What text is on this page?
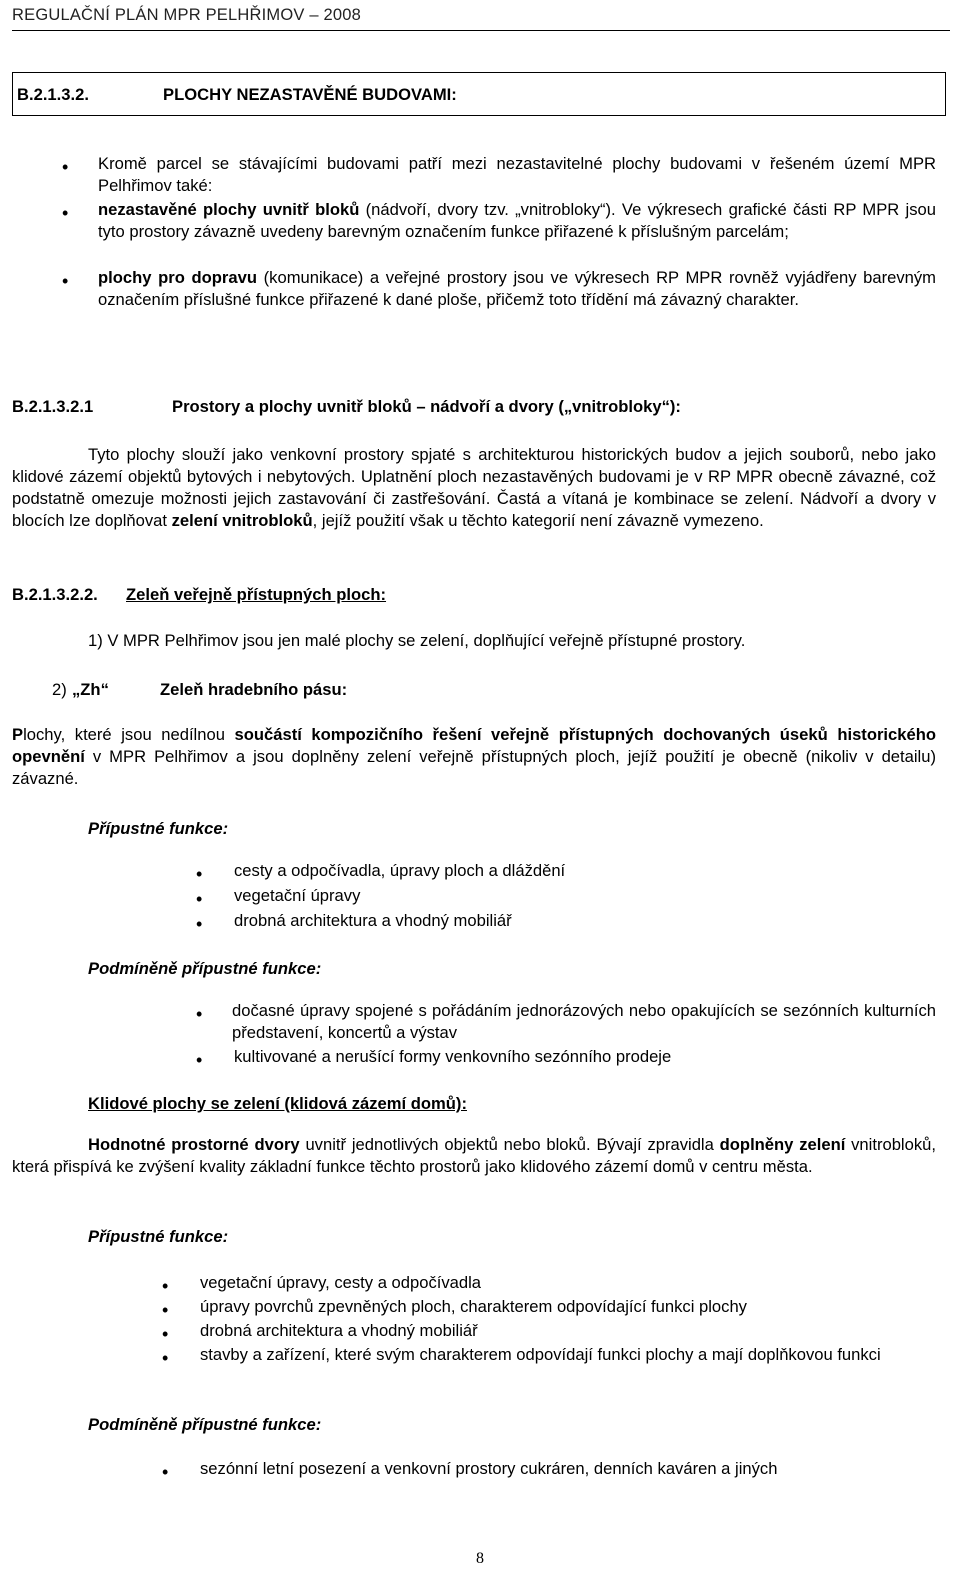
REGULAČNÍ PLÁN MPR PELHŘIMOV – 2008
B.2.1.3.2.	PLOCHY NEZASTAVĚNÉ BUDOVAMI:
• Kromě parcel se stávajícími budovami patří mezi nezastavitelné plochy budovami v řešeném území MPR Pelhřimov také:
• nezastavěné plochy uvnitř bloků (nádvoří, dvory tzv. „vnitrobloky“). Ve výkresech grafické části RP MPR jsou tyto prostory závazně uvedeny barevným označením funkce přiřazené k příslušným parcelám;
• plochy pro dopravu (komunikace) a veřejné prostory jsou ve výkresech RP MPR rovněž vyjádřeny barevným označením příslušné funkce přiřazené k dané ploše, přičemž toto třídění má závazný charakter.
B.2.1.3.2.1	Prostory a plochy uvnitř bloků – nádvoří a dvory („vnitrobloky“):
Tyto plochy slouží jako venkovní prostory spjaté s architekturou historických budov a jejich souborů, nebo jako klidové zázemí objektů bytových i nebytových. Uplatnění ploch nezastavěných budovami je v RP MPR obecně závazné, což podstatně omezuje možnosti jejich zastavování či zastřešování. Častá a vítaná je kombinace se zelení. Nádvoří a dvory v blocích lze doplňovat zelení vnitrobloků, jejíž použití však u těchto kategorií není závazně vymezeno.
B.2.1.3.2.2. Zeleň veřejně přístupných ploch:
1) V MPR Pelhřimov jsou jen malé plochy se zelení, doplňující veřejně přístupné prostory.
2) „Zh“	Zeleň hradebního pásu:
Plochy, které jsou nedílnou součástí kompozičního řešení veřejně přístupných dochovaných úseků historického opevnění v MPR Pelhřimov a jsou doplněny zelení veřejně přístupných ploch, jejíž použití je obecně (nikoliv v detailu) závazné.
Přípustné funkce:
• cesty a odpočívadla, úpravy ploch a dláždění
• vegetační úpravy
• drobná architektura a vhodný mobiliář
Podmíněně přípustné funkce:
• dočasné úpravy spojené s pořádáním jednorázových nebo opakujících se sezónních kulturních představení, koncertů a výstav
• kultivované a nerušící formy venkovního sezónního prodeje
Klidové plochy se zelení (klidová zázemí domů):
Hodnotné prostorné dvory uvnitř jednotlivých objektů nebo bloků. Bývají zpravidla doplněny zelení vnitrobloků, která přispívá ke zvýšení kvality základní funkce těchto prostorů jako klidového zázemí domů v centru města.
Přípustné funkce:
• vegetační úpravy, cesty a odpočívadla
• úpravy povrchů zpevněných ploch, charakterem odpovídající funkci plochy
• drobná architektura a vhodný mobiliář
• stavby a zařízení, které svým charakterem odpovídají funkci plochy a mají doplňkovou funkci
Podmíněně přípustné funkce:
• sezónní letní posezení a venkovní prostory cukráren, denních kaváren a jiných
8
